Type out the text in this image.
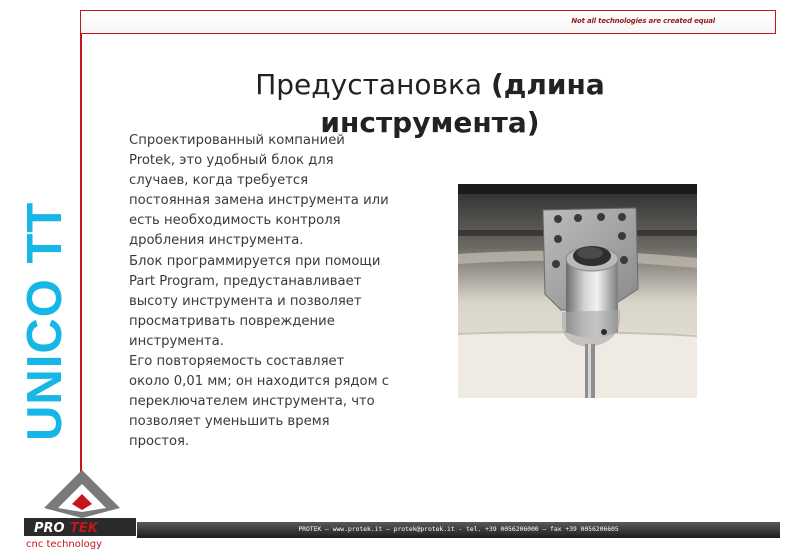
Not all technologies are created equal
UNICO TT
Предустановка (длина инструмента)

Спроектированный компанией

Protek, это удобный блок для

случаев, когда требуется

постоянная замена инструмента или

есть необходимость контроля

дробления инструмента.

Блок программируется при помощи

Part Program, предустанавливает

высоту инструмента и позволяет

просматривать повреждение

инструмента.

Его повторяемость составляет

около 0,01 мм; он находится рядом с

переключателем инструмента, что

позволяет уменьшить время

простоя.

PROTEK – www.protek.it – protek@protek.it - tel. +39 0056206000 – fax +39 0056206605
PRO TEK
cnc technology
